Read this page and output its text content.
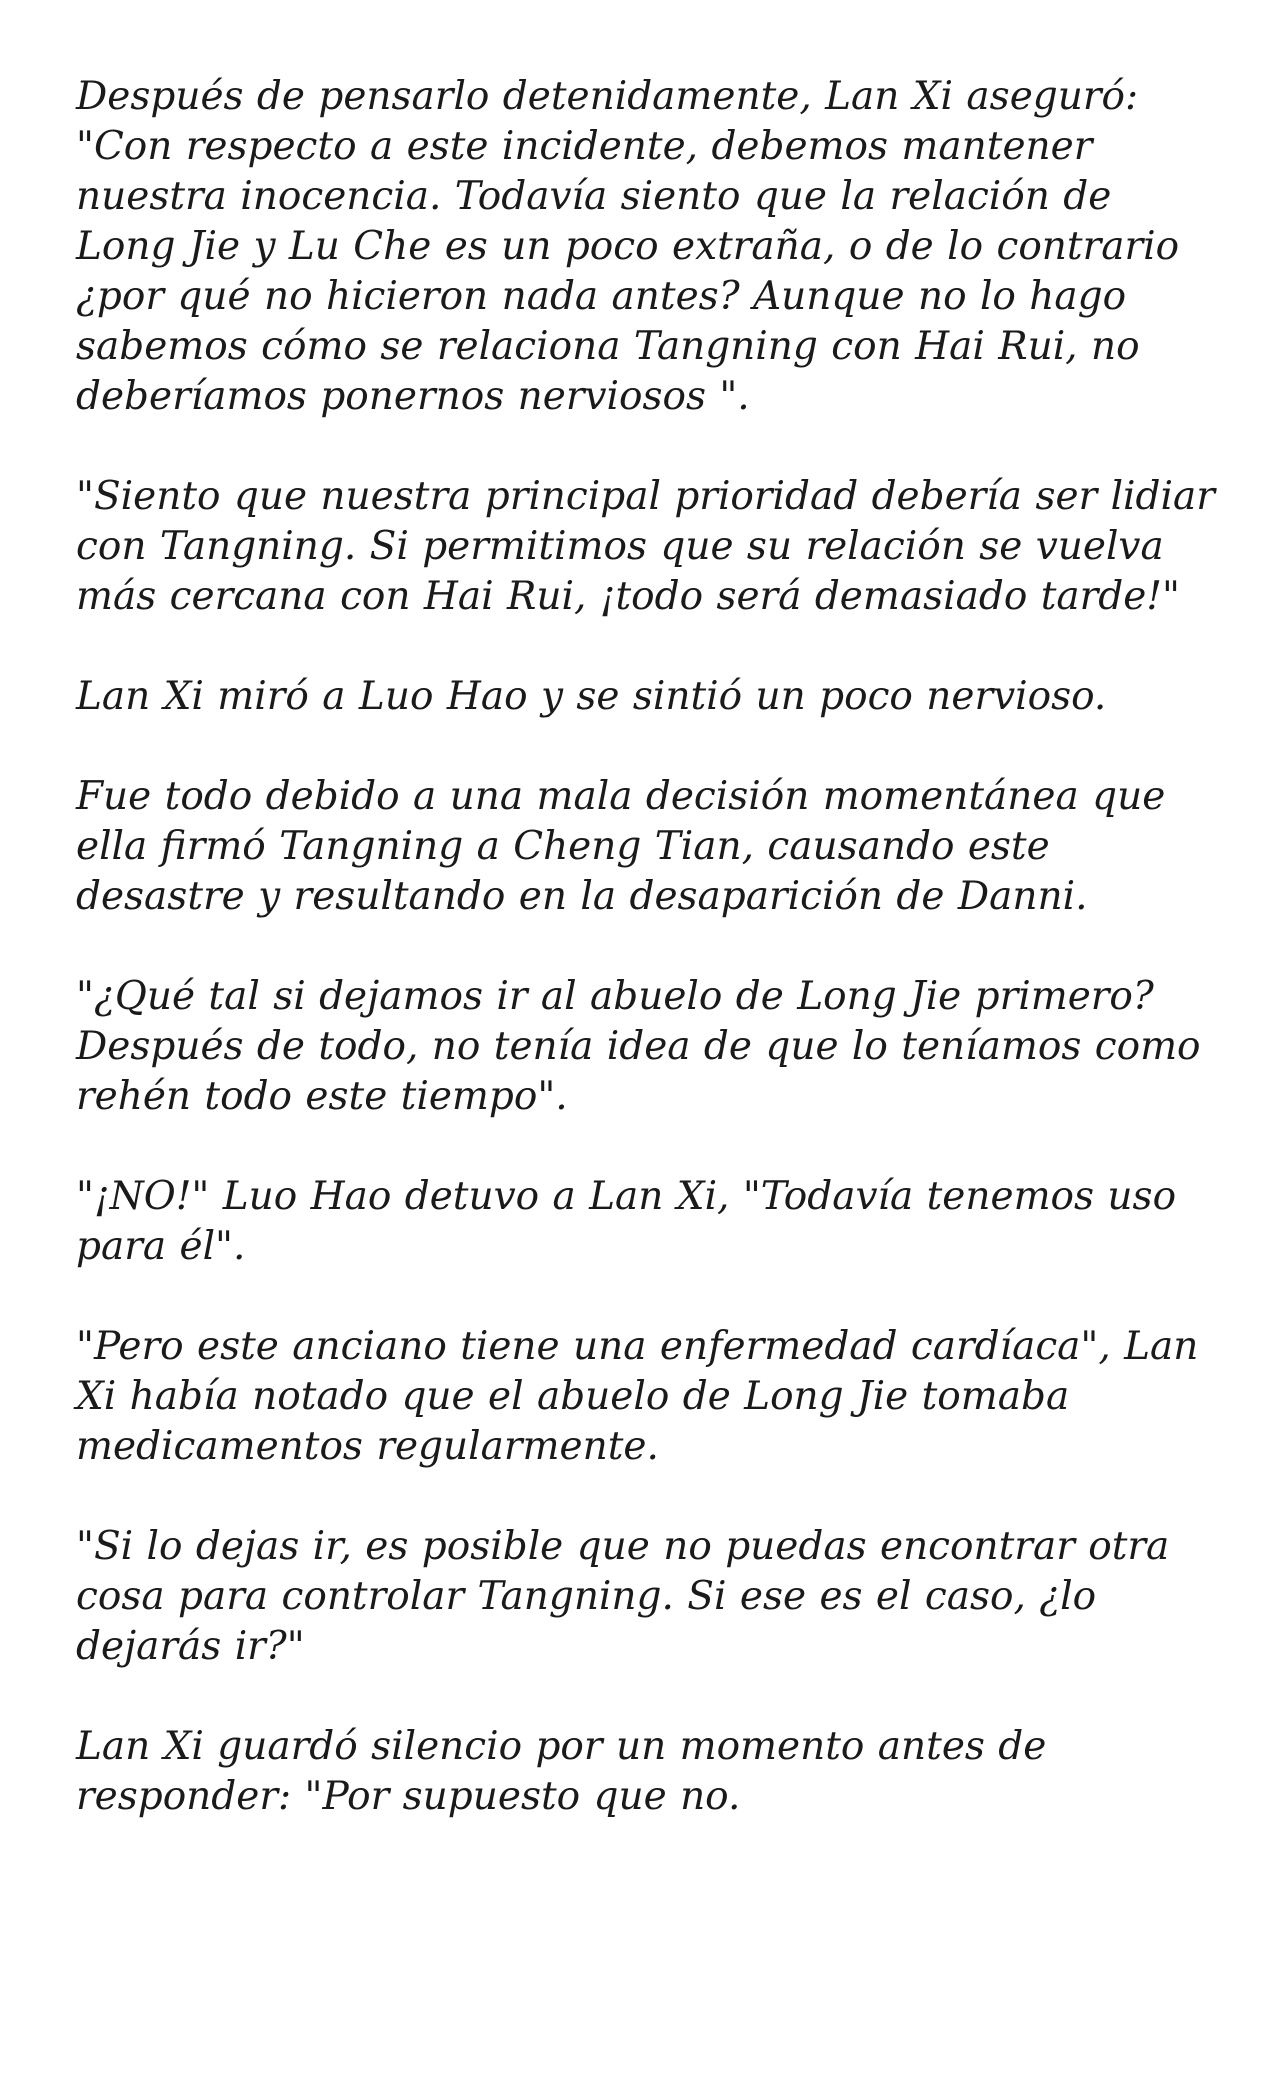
Después de pensarlo detenidamente, Lan Xi aseguró: "Con respecto a este incidente, debemos mantener nuestra inocencia. Todavía siento que la relación de Long Jie y Lu Che es un poco extraña, o de lo contrario ¿por qué no hicieron nada antes? Aunque no lo hago sabemos cómo se relaciona Tangning con Hai Rui, no deberíamos ponernos nerviosos ".

"Siento que nuestra principal prioridad debería ser lidiar con Tangning. Si permitimos que su relación se vuelva más cercana con Hai Rui, ¡todo será demasiado tarde!"

Lan Xi miró a Luo Hao y se sintió un poco nervioso.

Fue todo debido a una mala decisión momentánea que ella firmó Tangning a Cheng Tian, causando este desastre y resultando en la desaparición de Danni.

"¿Qué tal si dejamos ir al abuelo de Long Jie primero? Después de todo, no tenía idea de que lo teníamos como rehén todo este tiempo".

"¡NO!" Luo Hao detuvo a Lan Xi, "Todavía tenemos uso para él".

"Pero este anciano tiene una enfermedad cardíaca", Lan Xi había notado que el abuelo de Long Jie tomaba medicamentos regularmente.

"Si lo dejas ir, es posible que no puedas encontrar otra cosa para controlar Tangning. Si ese es el caso, ¿lo dejarás ir?"

Lan Xi guardó silencio por un momento antes de responder: "Por supuesto que no.
